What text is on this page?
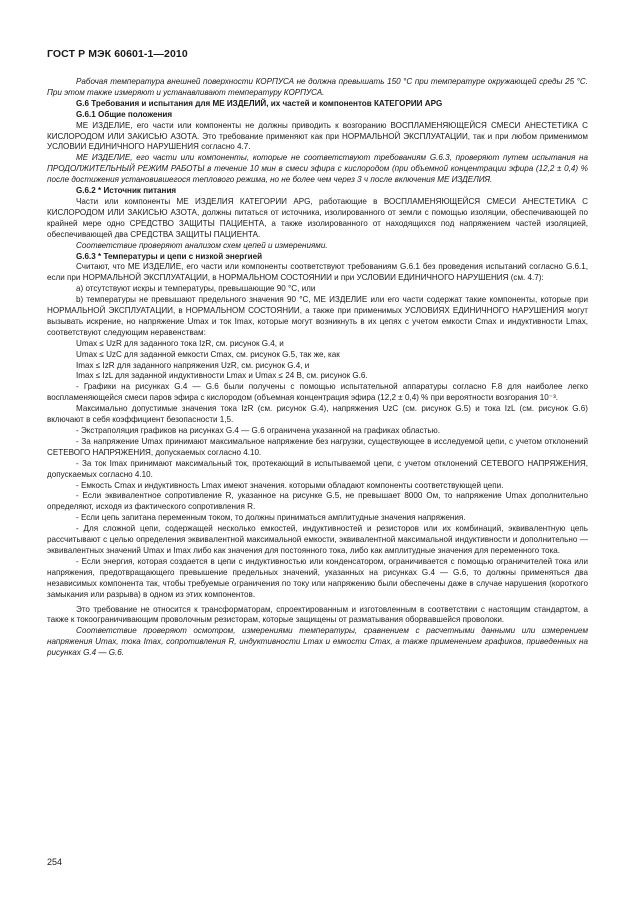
ГОСТ Р МЭК 60601-1—2010

Рабочая температура внешней поверхности КОРПУСА не должна превышать 150 °С при температуре окружающей среды 25 °С. При этом также измеряют и устанавливают температуру КОРПУСА.

G.6 Требования и испытания для МЕ ИЗДЕЛИЙ, их частей и компонентов КАТЕГОРИИ APG

G.6.1 Общие положения

МЕ ИЗДЕЛИЕ, его части или компоненты не должны приводить к возгоранию ВОСПЛАМЕНЯЮЩЕЙСЯ СМЕСИ АНЕСТЕТИКА С КИСЛОРОДОМ ИЛИ ЗАКИСЬЮ АЗОТА. Это требование применяют как при НОРМАЛЬНОЙ ЭКСПЛУАТАЦИИ, так и при любом применимом УСЛОВИИ ЕДИНИЧНОГО НАРУШЕНИЯ согласно 4.7.

МЕ ИЗДЕЛИЕ, его части или компоненты, которые не соответствуют требованиям G.6.3, проверяют путем испытания на ПРОДОЛЖИТЕЛЬНЫЙ РЕЖИМ РАБОТЫ в течение 10 мин в смеси эфира с кислородом (при объемной концентрации эфира (12,2 ± 0,4) % после достижения установившегося теплового режима, но не более чем через 3 ч после включения МЕ ИЗДЕЛИЯ.

G.6.2 * Источник питания

Части или компоненты МЕ ИЗДЕЛИЯ КАТЕГОРИИ APG, работающие в ВОСПЛАМЕНЯЮЩЕЙСЯ СМЕСИ АНЕСТЕТИКА С КИСЛОРОДОМ ИЛИ ЗАКИСЬЮ АЗОТА, должны питаться от источника, изолированного от земли с помощью изоляции, обеспечивающей по крайней мере одно СРЕДСТВО ЗАЩИТЫ ПАЦИЕНТА, а также изолированного от находящихся под напряжением частей изоляцией, обеспечивающей два СРЕДСТВА ЗАЩИТЫ ПАЦИЕНТА.

Соответствие проверяют анализом схем цепей и измерениями.

G.6.3 * Температуры и цепи с низкой энергией

Считают, что МЕ ИЗДЕЛИЕ, его части или компоненты соответствуют требованиям G.6.1 без проведения испытаний согласно G.6.1, если при НОРМАЛЬНОЙ ЭКСПЛУАТАЦИИ, в НОРМАЛЬНОМ СОСТОЯНИИ и при УСЛОВИИ ЕДИНИЧНОГО НАРУШЕНИЯ (см. 4.7):

а) отсутствуют искры и температуры, превышающие 90 °С, или

b) температуры не превышают предельного значения 90 °С, МЕ ИЗДЕЛИЕ или его части содержат такие компоненты, которые при НОРМАЛЬНОЙ ЭКСПЛУАТАЦИИ, в НОРМАЛЬНОМ СОСТОЯНИИ, а также при применимых УСЛОВИЯХ ЕДИНИЧНОГО НАРУШЕНИЯ могут вызывать искрение, но напряжение Umax и ток Imax, которые могут возникнуть в их цепях с учетом емкости Cmax и индуктивности Lmax, соответствуют следующим неравенствам:

Umax ≤ UzR для заданного тока IzR, см. рисунок G.4, и

Umax ≤ UzC для заданной емкости Cmax, см. рисунок G.5, так же, как

Imax ≤ IzR для заданного напряжения UzR, см. рисунок G.4, и

Imax ≤ IzL для заданной индуктивности Lmax и Umax ≤ 24 В, см. рисунок G.6.

- Графики на рисунках G.4 — G.6 были получены с помощью испытательной аппаратуры согласно F.8 для наиболее легко воспламеняющейся смеси паров эфира с кислородом (объемная концентрация эфира (12,2 ± 0,4) % при вероятности возгорания 10⁻³.

Максимально допустимые значения тока IzR (см. рисунок G.4), напряжения UzC (см. рисунок G.5) и тока IzL (см. рисунок G.6) включают в себя коэффициент безопасности 1,5.

- Экстраполяция графиков на рисунках G.4 — G.6 ограничена указанной на графиках областью.

- За напряжение Umax принимают максимальное напряжение без нагрузки, существующее в исследуемой цепи, с учетом отклонений СЕТЕВОГО НАПРЯЖЕНИЯ, допускаемых согласно 4.10.

- За ток Imax принимают максимальный ток, протекающий в испытываемой цепи, с учетом отклонений СЕТЕВОГО НАПРЯЖЕНИЯ, допускаемых согласно 4.10.

- Емкость Cmax и индуктивность Lmax имеют значения. которыми обладают компоненты соответствующей цепи.

- Если эквивалентное сопротивление R, указанное на рисунке G.5, не превышает 8000 Ом, то напряжение Umax дополнительно определяют, исходя из фактического сопротивления R.

- Если цепь запитана переменным током, то должны приниматься амплитудные значения напряжения.

- Для сложной цепи, содержащей несколько емкостей, индуктивностей и резисторов или их комбинаций, эквивалентную цепь рассчитывают с целью определения эквивалентной максимальной емкости, эквивалентной максимальной индуктивности и дополнительно — эквивалентных значений Umax и Imax либо как значения для постоянного тока, либо как амплитудные значения для переменного тока.

- Если энергия, которая создается в цепи с индуктивностью или конденсатором, ограничивается с помощью ограничителей тока или напряжения, предотвращающего превышение предельных значений, указанных на рисунках G.4 — G.6, то должны применяться два независимых компонента так, чтобы требуемые ограничения по току или напряжению были обеспечены даже в случае нарушения (короткого замыкания или разрыва) в одном из этих компонентов.

Это требование не относится к трансформаторам, спроектированным и изготовленным в соответствии с настоящим стандартом, а также к токоограничивающим проволочным резисторам, которые защищены от разматывания оборвавшейся проволоки.

Соответствие проверяют осмотром, измерениями температуры, сравнением с расчетными данными или измерением напряжения Umax, тока Imax, сопротивления R, индуктивности Lmax и емкости Cmax, а также применением графиков, приведенных на рисунках G.4 — G.6.

254
